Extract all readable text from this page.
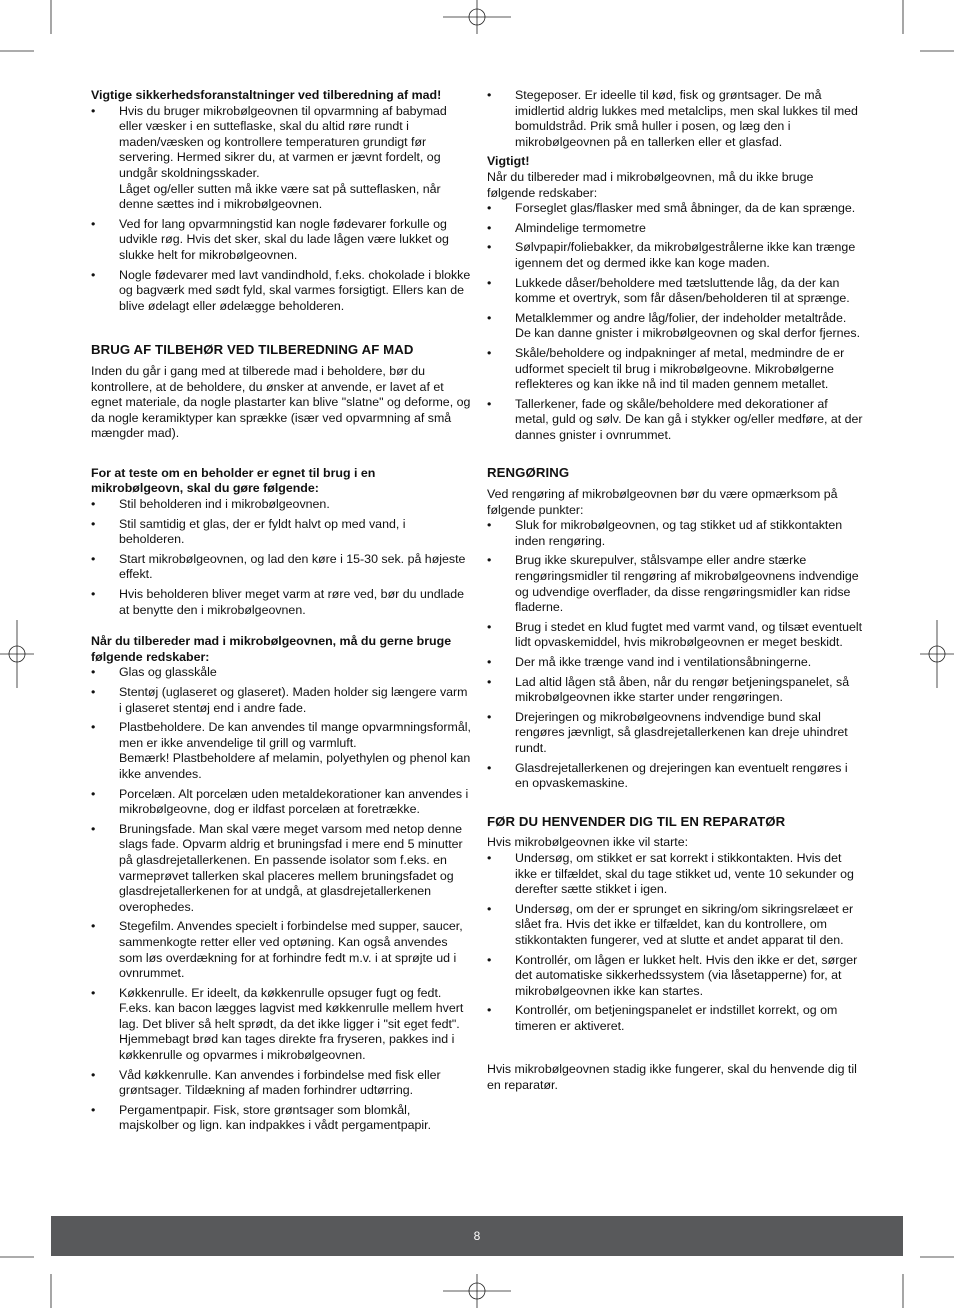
Vigtige sikkerhedsforanstaltninger ved tilberedning af mad!

• Hvis du bruger mikrobølgeovnen til opvarmning af babymad eller væsker i en sutteflaske, skal du altid røre rundt i maden/væsken og kontrollere temperaturen grundigt før servering. Hermed sikrer du, at varmen er jævnt fordelt, og undgår skoldningsskader.
Låget og/eller sutten må ikke være sat på sutteflasken, når denne sættes ind i mikrobølgeovnen.
• Ved for lang opvarmningstid kan nogle fødevarer forkulle og udvikle røg. Hvis det sker, skal du lade lågen være lukket og slukke helt for mikrobølgeovnen.
• Nogle fødevarer med lavt vandindhold, f.eks. chokolade i blokke og bagværk med sødt fyld, skal varmes forsigtigt. Ellers kan de blive ødelagt eller ødelægge beholderen.
BRUG AF TILBEHØR VED TILBEREDNING AF MAD

Inden du går i gang med at tilberede mad i beholdere, bør du kontrollere, at de beholdere, du ønsker at anvende, er lavet af et egnet materiale, da nogle plastarter kan blive "slatne" og deforme, og da nogle keramiktyper kan sprække (især ved opvarmning af små mængder mad).

For at teste om en beholder er egnet til brug i en mikrobølgeovn, skal du gøre følgende:

• Stil beholderen ind i mikrobølgeovnen.
• Stil samtidig et glas, der er fyldt halvt op med vand, i beholderen.
• Start mikrobølgeovnen, og lad den køre i 15-30 sek. på højeste effekt.
• Hvis beholderen bliver meget varm at røre ved, bør du undlade at benytte den i mikrobølgeovnen.

Når du tilbereder mad i mikrobølgeovnen, må du gerne bruge følgende redskaber:

• Glas og glasskåle
• Stentøj (uglaseret og glaseret). Maden holder sig længere varm i glaseret stentøj end i andre fade.
• Plastbeholdere. De kan anvendes til mange opvarmningsformål, men er ikke anvendelige til grill og varmluft.
Bemærk! Plastbeholdere af melamin, polyethylen og phenol kan ikke anvendes.
• Porcelæn. Alt porcelæn uden metaldekorationer kan anvendes i mikrobølgeovne, dog er ildfast porcelæn at foretrække.
• Bruningsfade. Man skal være meget varsom med netop denne slags fade. Opvarm aldrig et bruningsfad i mere end 5 minutter på glasdrejetallerkenen. En passende isolator som f.eks. en varmeprøvet tallerken skal placeres mellem bruningsfadet og glasdrejetallerkenen for at undgå, at glasdrejetallerkenen overophedes.
• Stegefilm. Anvendes specielt i forbindelse med supper, saucer, sammenkogte retter eller ved optøning. Kan også anvendes som løs overdækning for at forhindre fedt m.v. i at sprøjte ud i ovnrummet.
• Køkkenrulle. Er ideelt, da køkkenrulle opsuger fugt og fedt. F.eks. kan bacon lægges lagvist med køkkenrulle mellem hvert lag. Det bliver så helt sprødt, da det ikke ligger i "sit eget fedt". Hjemmebagt brød kan tages direkte fra fryseren, pakkes ind i køkkenrulle og opvarmes i mikrobølgeovnen.
• Våd køkkenrulle. Kan anvendes i forbindelse med fisk eller grøntsager. Tildækning af maden forhindrer udtørring.
• Pergamentpapir. Fisk, store grøntsager som blomkål, majskolber og lign. kan indpakkes i vådt pergamentpapir.
• Stegeposer. Er ideelle til kød, fisk og grøntsager. De må imidlertid aldrig lukkes med metalclips, men skal lukkes til med bomuldstråd. Prik små huller i posen, og læg den i mikrobølgeovnen på en tallerken eller et glasfad.

Vigtigt!

Når du tilbereder mad i mikrobølgeovnen, må du ikke bruge følgende redskaber:

• Forseglet glas/flasker med små åbninger, da de kan sprænge.
• Almindelige termometre
• Sølvpapir/foliebakker, da mikrobølgestrålerne ikke kan trænge igennem det og dermed ikke kan koge maden.
• Lukkede dåser/beholdere med tætsluttende låg, da der kan komme et overtryk, som får dåsen/beholderen til at sprænge.
• Metalklemmer og andre låg/folier, der indeholder metaltråde. De kan danne gnister i mikrobølgeovnen og skal derfor fjernes.
• Skåle/beholdere og indpakninger af metal, medmindre de er udformet specielt til brug i mikrobølgeovne. Mikrobølgerne reflekteres og kan ikke nå ind til maden gennem metallet.
• Tallerkener, fade og skåle/beholdere med dekorationer af metal, guld og sølv. De kan gå i stykker og/eller medføre, at der dannes gnister i ovnrummet.
RENGØRING

Ved rengøring af mikrobølgeovnen bør du være opmærksom på følgende punkter:

• Sluk for mikrobølgeovnen, og tag stikket ud af stikkontakten inden rengøring.
• Brug ikke skurepulver, stålsvampe eller andre stærke rengøringsmidler til rengøring af mikrobølgeovnens indvendige og udvendige overflader, da disse rengøringsmidler kan ridse fladerne.
• Brug i stedet en klud fugtet med varmt vand, og tilsæt eventuelt lidt opvaskemiddel, hvis mikrobølgeovnen er meget beskidt.
• Der må ikke trænge vand ind i ventilationsåbningerne.
• Lad altid lågen stå åben, når du rengør betjeningspanelet, så mikrobølgeovnen ikke starter under rengøringen.
• Drejeringen og mikrobølgeovnens indvendige bund skal rengøres jævnligt, så glasdrejetallerkenen kan dreje uhindret rundt.
• Glasdrejetallerkenen og drejeringen kan eventuelt rengøres i en opvaskemaskine.
FØR DU HENVENDER DIG TIL EN REPARATØR

Hvis mikrobølgeovnen ikke vil starte:

• Undersøg, om stikket er sat korrekt i stikkontakten. Hvis det ikke er tilfældet, skal du tage stikket ud, vente 10 sekunder og derefter sætte stikket i igen.
• Undersøg, om der er sprunget en sikring/om sikringsrelæet er slået fra. Hvis det ikke er tilfældet, kan du kontrollere, om stikkontakten fungerer, ved at slutte et andet apparat til den.
• Kontrollér, om lågen er lukket helt. Hvis den ikke er det, sørger det automatiske sikkerhedssystem (via låsetapperne) for, at mikrobølgeovnen ikke kan startes.
• Kontrollér, om betjeningspanelet er indstillet korrekt, og om timeren er aktiveret.

Hvis mikrobølgeovnen stadig ikke fungerer, skal du henvende dig til en reparatør.

8
